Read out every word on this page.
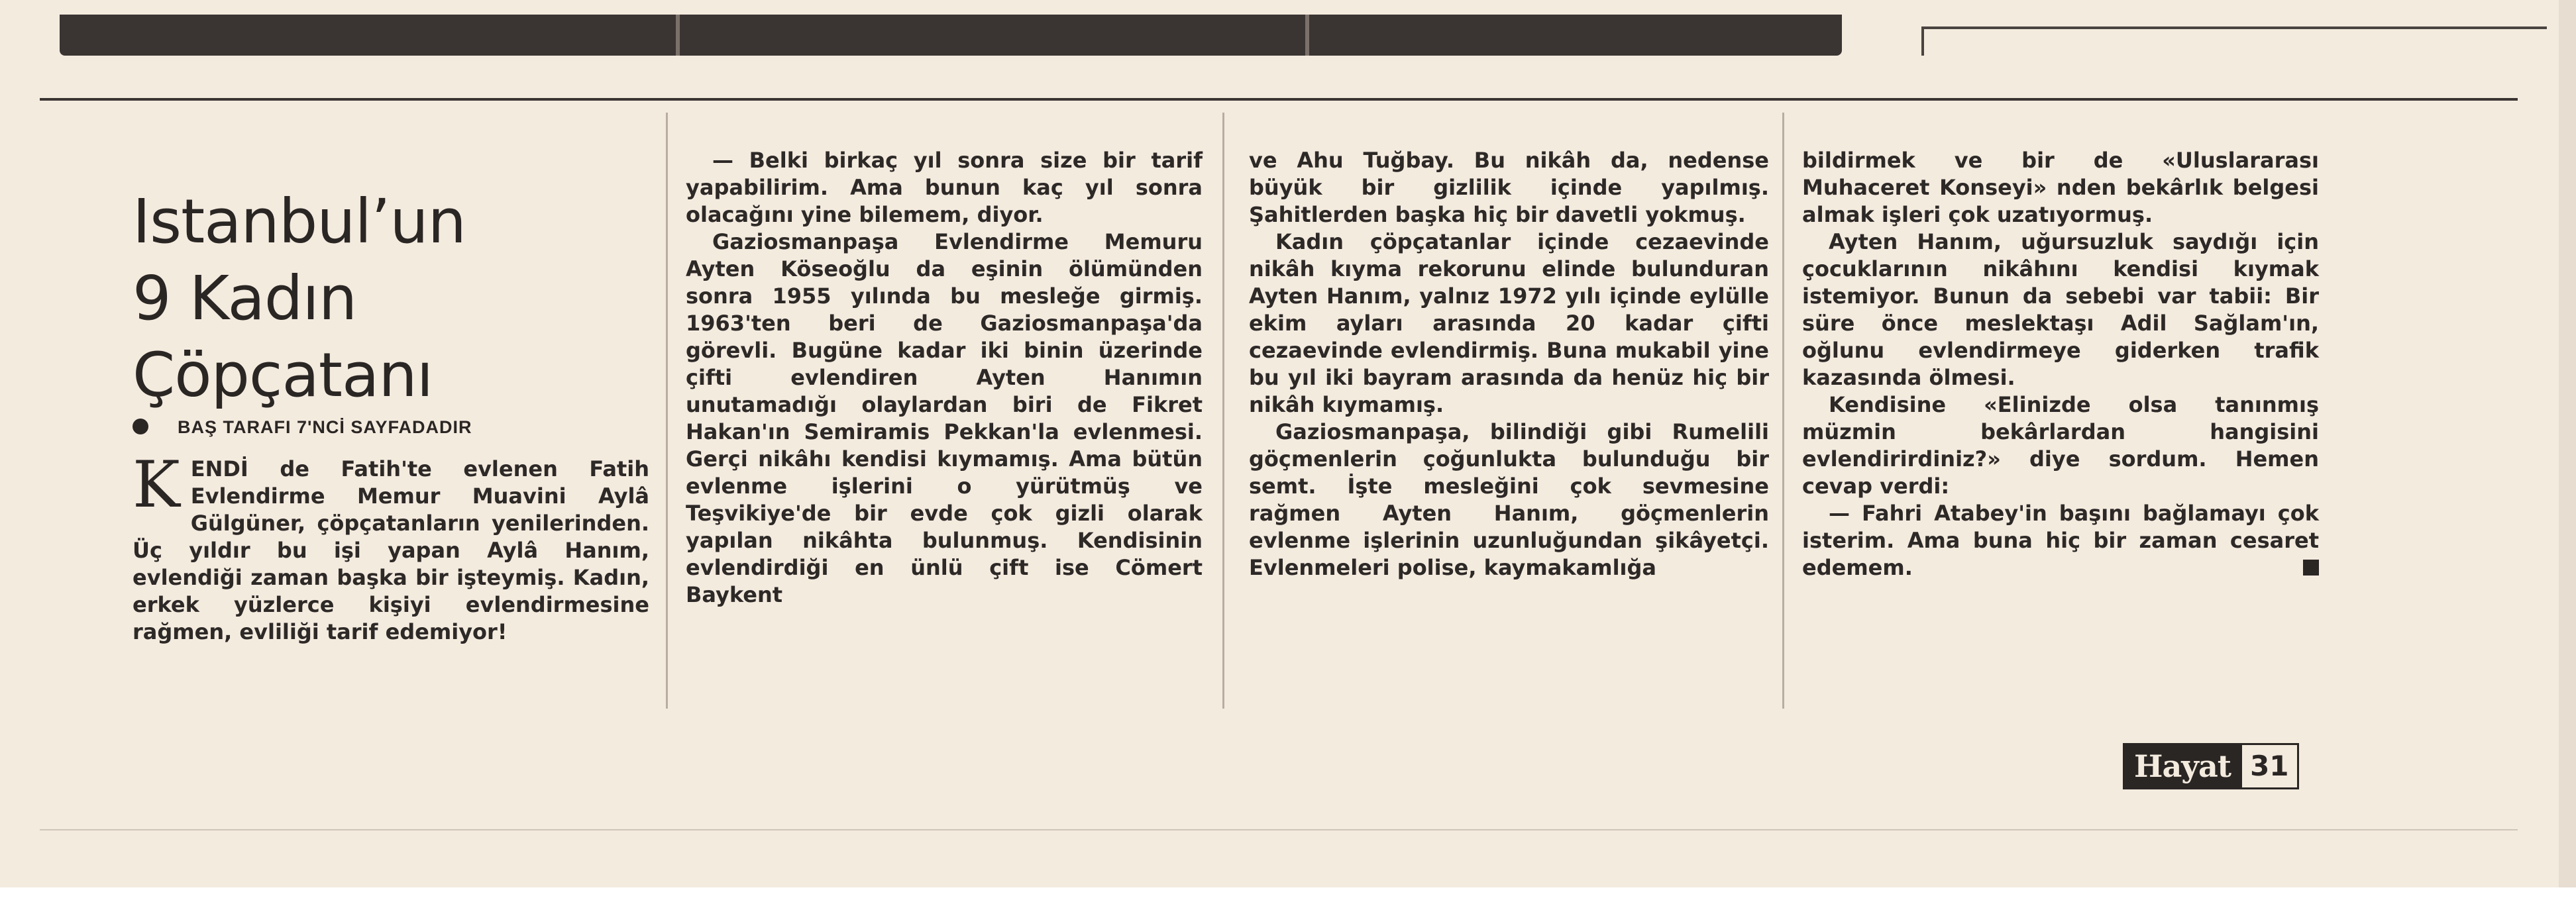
Istanbul’un
9 Kadın
Çöpçatanı
BAŞ TARAFI 7'NCİ SAYFADADIR

KENDİ de Fatih'te evlenen Fatih Evlendirme Memur Muavini Aylâ Gülgüner, çöpçatanların yenilerinden. Üç yıldır bu işi yapan Aylâ Hanım, evlendiği zaman başka bir işteymiş. Kadın, erkek yüzlerce kişiyi evlendirmesine rağmen, evliliği tarif edemiyor!

— Belki birkaç yıl sonra size bir tarif yapabilirim. Ama bunun kaç yıl sonra olacağını yine bilemem, diyor.

Gaziosmanpaşa Evlendirme Memuru Ayten Köseoğlu da eşinin ölümünden sonra 1955 yılında bu mesleğe girmiş. 1963'ten beri de Gaziosmanpaşa'da görevli. Bugüne kadar iki binin üzerinde çifti evlendiren Ayten Hanımın unutamadığı olaylardan biri de Fikret Hakan'ın Semiramis Pekkan'la evlenmesi. Gerçi nikâhı kendisi kıymamış. Ama bütün evlenme işlerini o yürütmüş ve Teşvikiye'de bir evde çok gizli olarak yapılan nikâhta bulunmuş. Kendisinin evlendirdiği en ünlü çift ise Cömert Baykent

ve Ahu Tuğbay. Bu nikâh da, nedense büyük bir gizlilik içinde yapılmış. Şahitlerden başka hiç bir davetli yokmuş.

Kadın çöpçatanlar içinde cezaevinde nikâh kıyma rekorunu elinde bulunduran Ayten Hanım, yalnız 1972 yılı içinde eylülle ekim ayları arasında 20 kadar çifti cezaevinde evlendirmiş. Buna mukabil yine bu yıl iki bayram arasında da henüz hiç bir nikâh kıymamış.

Gaziosmanpaşa, bilindiği gibi Rumelili göçmenlerin çoğunlukta bulunduğu bir semt. İşte mesleğini çok sevmesine rağmen Ayten Hanım, göçmenlerin evlenme işlerinin uzunluğundan şikâyetçi. Evlenmeleri polise, kaymakamlığa

bildirmek ve bir de «Uluslararası Muhaceret Konseyi» nden bekârlık belgesi almak işleri çok uzatıyormuş.

Ayten Hanım, uğursuzluk saydığı için çocuklarının nikâhını kendisi kıymak istemiyor. Bunun da sebebi var tabii: Bir süre önce meslektaşı Adil Sağlam'ın, oğlunu evlendirmeye giderken trafik kazasında ölmesi.

Kendisine «Elinizde olsa tanınmış müzmin bekârlardan hangisini evlendirirdiniz?» diye sordum. Hemen cevap verdi:

— Fahri Atabey'in başını bağlamayı çok isterim. Ama buna hiç bir zaman cesaret edemem.

Hayat 31
